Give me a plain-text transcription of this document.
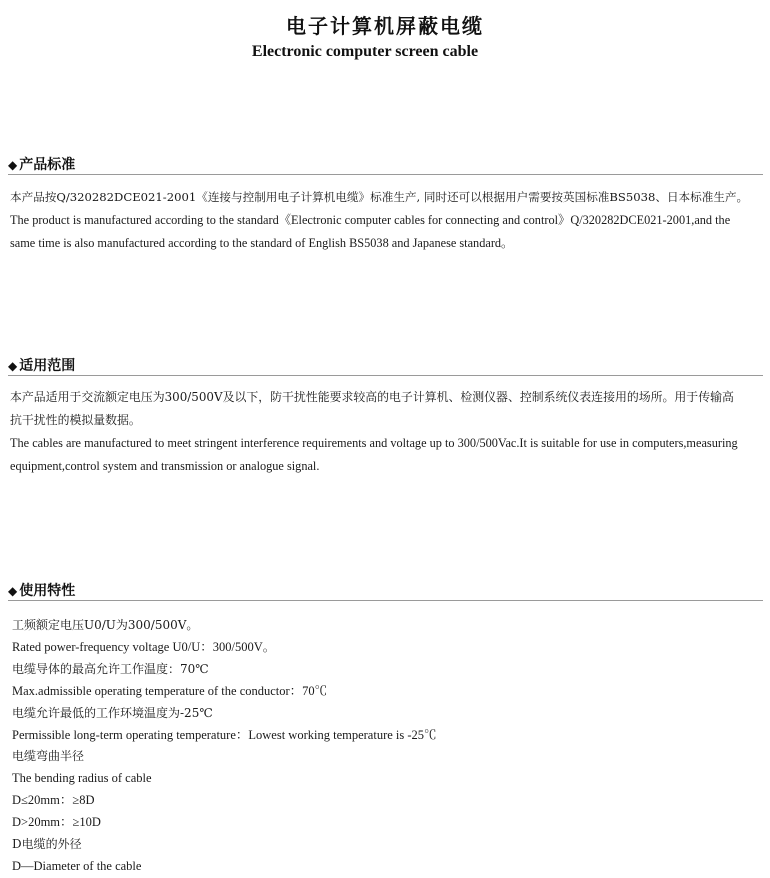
电子计算机屏蔽电缆
Electronic computer screen cable
◆ 产品标准
本产品按Q/320282DCE021-2001《连接与控制用电子计算机电缆》标准生产, 同时还可以根据用户需要按英国标准BS5038、日本标准生产。
The product is manufactured according to the standard《Electronic computer cables for connecting and control》Q/320282DCE021-2001,and the
same time is also manufactured according to the standard of English BS5038 and Japanese standard。
◆ 适用范围
本产品适用于交流额定电压为300/500V及以下，防干扰性能要求较高的电子计算机、检测仪器、控制系统仪表连接用的场所。用于传输高
抗干扰性的模拟量数据。
The cables are manufactured to meet stringent interference requirements and voltage up to 300/500Vac.It is suitable for use in computers,measuring
equipment,control system and transmission or analogue signal.
◆ 使用特性
工频额定电压U0/U为300/500V。
Rated power-frequency voltage U0/U：300/500V。
电缆导体的最高允许工作温度：70℃
Max.admissible operating temperature of the conductor：70℃
电缆允许最低的工作环境温度为-25℃
Permissible long-term operating temperature：Lowest working temperature is -25℃
电缆弯曲半径
The bending radius of cable
D≤20mm：≥8D
D>20mm：≥10D
D电缆的外径
D—Diameter of the cable
